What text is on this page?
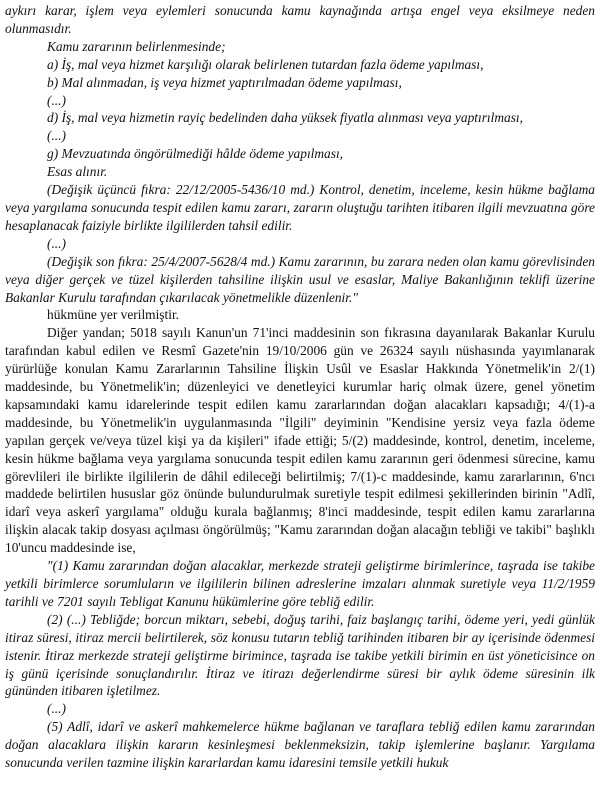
aykırı karar, işlem veya eylemleri sonucunda kamu kaynağında artışa engel veya eksilmeye neden olunmasıdır.

Kamu zararının belirlenmesinde;

a) İş, mal veya hizmet karşılığı olarak belirlenen tutardan fazla ödeme yapılması,

b) Mal alınmadan, iş veya hizmet yaptırılmadan ödeme yapılması,

(...)

d) İş, mal veya hizmetin rayiç bedelinden daha yüksek fiyatla alınması veya yaptırılması,

(...)

g) Mevzuatında öngörülmediği hâlde ödeme yapılması,

Esas alınır.

(Değişik üçüncü fıkra: 22/12/2005-5436/10 md.) Kontrol, denetim, inceleme, kesin hükme bağlama veya yargılama sonucunda tespit edilen kamu zararı, zararın oluştuğu tarihten itibaren ilgili mevzuatına göre hesaplanacak faiziyle birlikte ilgililerden tahsil edilir.

(...)

(Değişik son fıkra: 25/4/2007-5628/4 md.) Kamu zararının, bu zarara neden olan kamu görevlisinden veya diğer gerçek ve tüzel kişilerden tahsiline ilişkin usul ve esaslar, Maliye Bakanlığının teklifi üzerine Bakanlar Kurulu tarafından çıkarılacak yönetmelikle düzenlenir."

hükmüne yer verilmiştir.

Diğer yandan; 5018 sayılı Kanun'un 71'inci maddesinin son fıkrasına dayanılarak Bakanlar Kurulu tarafından kabul edilen ve Resmî Gazete'nin 19/10/2006 gün ve 26324 sayılı nüshasında yayımlanarak yürürlüğe konulan Kamu Zararlarının Tahsiline İlişkin Usûl ve Esaslar Hakkında Yönetmelik'in 2/(1) maddesinde, bu Yönetmelik'in; düzenleyici ve denetleyici kurumlar hariç olmak üzere, genel yönetim kapsamındaki kamu idarelerinde tespit edilen kamu zararlarından doğan alacakları kapsadığı; 4/(1)-a maddesinde, bu Yönetmelik'in uygulanmasında "İlgili" deyiminin "Kendisine yersiz veya fazla ödeme yapılan gerçek ve/veya tüzel kişi ya da kişileri" ifade ettiği; 5/(2) maddesinde, kontrol, denetim, inceleme, kesin hükme bağlama veya yargılama sonucunda tespit edilen kamu zararının geri ödenmesi sürecine, kamu görevlileri ile birlikte ilgililerin de dâhil edileceği belirtilmiş; 7/(1)-c maddesinde, kamu zararlarının, 6'ncı maddede belirtilen hususlar göz önünde bulundurulmak suretiyle tespit edilmesi şekillerinden birinin "Adlî, idarî veya askerî yargılama" olduğu kurala bağlanmış; 8'inci maddesinde, tespit edilen kamu zararlarına ilişkin alacak takip dosyası açılması öngörülmüş; "Kamu zararından doğan alacağın tebliği ve takibi" başlıklı 10'uncu maddesinde ise,

"(1) Kamu zararından doğan alacaklar, merkezde strateji geliştirme birimlerince, taşrada ise takibe yetkili birimlerce sorumluların ve ilgililerin bilinen adreslerine imzaları alınmak suretiyle veya 11/2/1959 tarihli ve 7201 sayılı Tebligat Kanunu hükümlerine göre tebliğ edilir.

(2) (...) Tebliğde; borcun miktarı, sebebi, doğuş tarihi, faiz başlangıç tarihi, ödeme yeri, yedi günlük itiraz süresi, itiraz mercii belirtilerek, söz konusu tutarın tebliğ tarihinden itibaren bir ay içerisinde ödenmesi istenir. İtiraz merkezde strateji geliştirme birimince, taşrada ise takibe yetkili birimin en üst yöneticisince on iş günü içerisinde sonuçlandırılır. İtiraz ve itirazı değerlendirme süresi bir aylık ödeme süresinin ilk gününden itibaren işletilmez.

(...)

(5) Adlî, idarî ve askerî mahkemelerce hükme bağlanan ve taraflara tebliğ edilen kamu zararından doğan alacaklara ilişkin kararın kesinleşmesi beklenmeksizin, takip işlemlerine başlanır. Yargılama sonucunda verilen tazmine ilişkin kararlardan kamu idaresini temsile yetkili hukuk
